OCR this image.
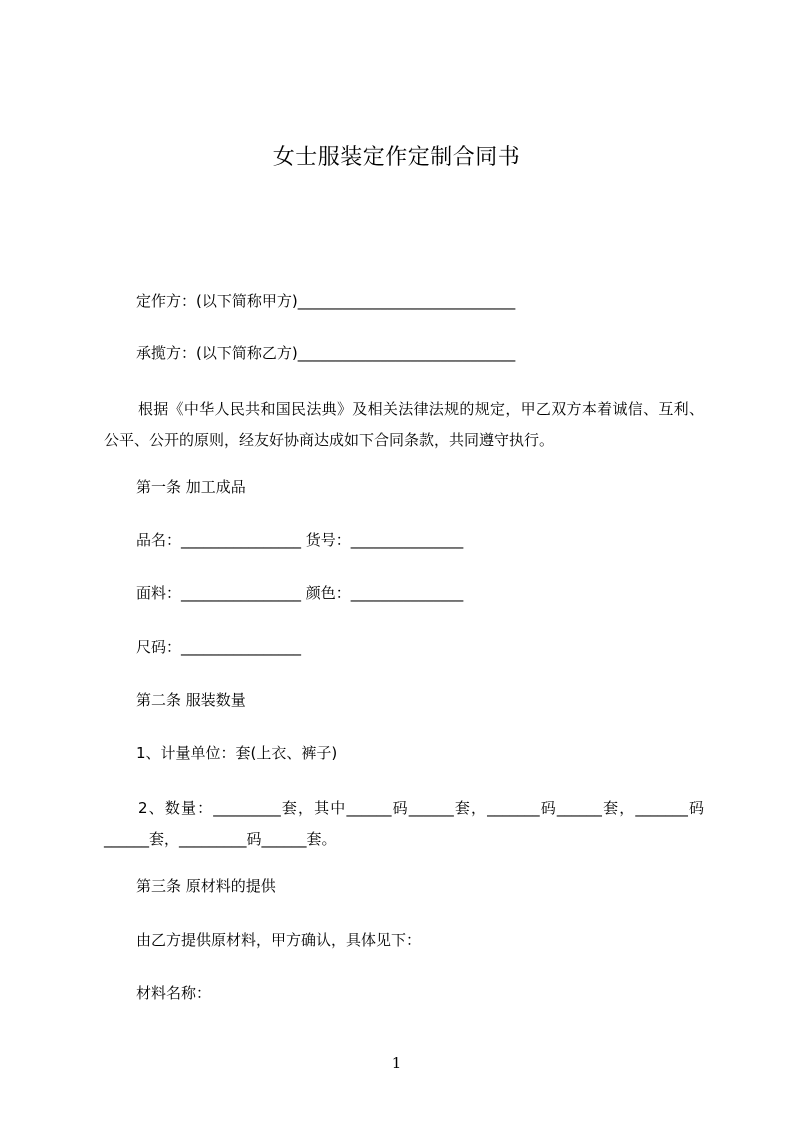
女士服装定作定制合同书
定作方：(以下简称甲方)_____________________________
承揽方：(以下简称乙方)_____________________________
根据《中华人民共和国民法典》及相关法律法规的规定，甲乙双方本着诚信、互利、公平、公开的原则，经友好协商达成如下合同条款，共同遵守执行。
第一条 加工成品
品名：________________ 货号：_______________
面料：________________ 颜色：_______________
尺码：________________
第二条 服装数量
1、计量单位：套(上衣、裤子)
2、数量：_________套，其中______码______套，_______码______套，_______码______套，_________码______套。
第三条 原材料的提供
由乙方提供原材料，甲方确认，具体见下：
材料名称：
1
